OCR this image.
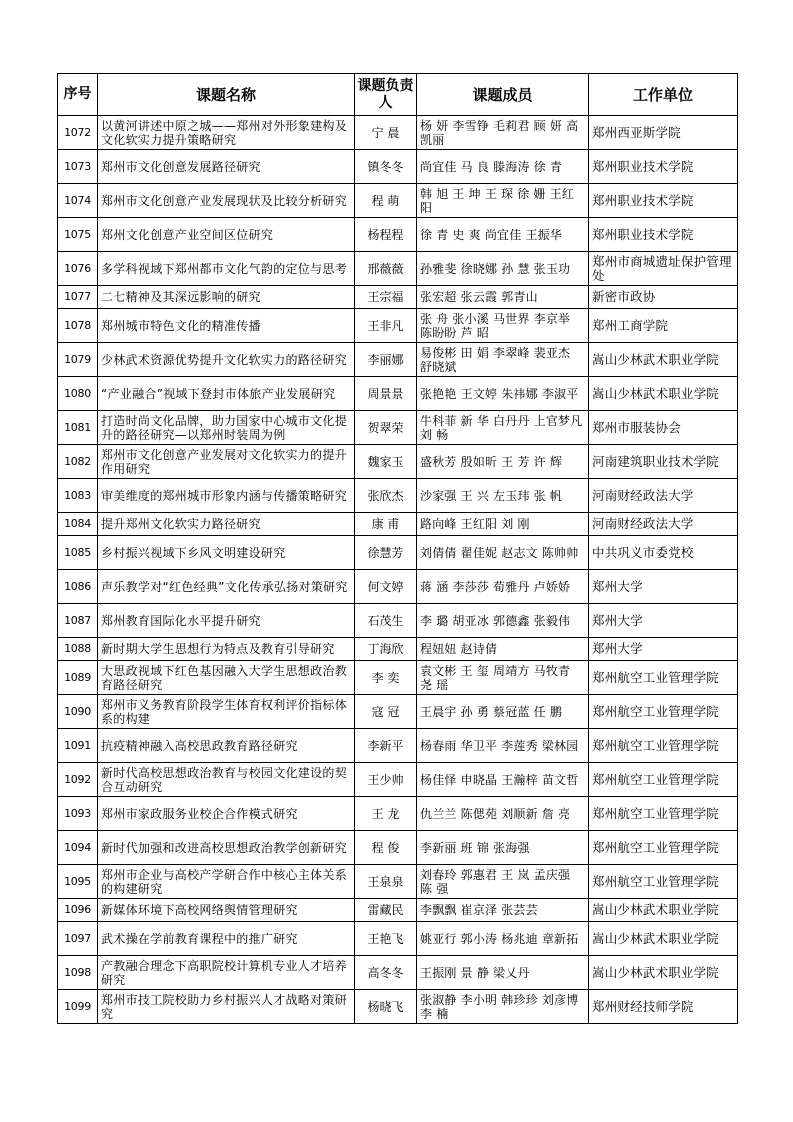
序号	课题名称	课题负责人	课题成员	工作单位
1072	以黄河讲述中原之城——郑州对外形象建构及文化软实力提升策略研究	宁 晨	杨 妍 李雪铮 毛莉君 顾 妍 高凯丽	郑州西亚斯学院
1073	郑州市文化创意发展路径研究	镇冬冬	尚宜佳 马 良 滕海涛 徐 青	郑州职业技术学院
1074	郑州市文化创意产业发展现状及比较分析研究	程 萌	韩 旭 王 坤 王 琛 徐 姗 王红阳	郑州职业技术学院
1075	郑州文化创意产业空间区位研究	杨程程	徐 青 史 爽 尚宜佳 王振华	郑州职业技术学院
1076	多学科视域下郑州都市文化气韵的定位与思考	邢薇薇	孙雅斐 徐晓娜 孙 慧 张玉功	郑州市商城遗址保护管理处
1077	二七精神及其深远影响的研究	王宗福	张宏超 张云霞 郭青山	新密市政协
1078	郑州城市特色文化的精准传播	王非凡	张 舟 张小溪 马世界 李京举 陈盼盼 芦 昭	郑州工商学院
1079	少林武术资源优势提升文化软实力的路径研究	李丽娜	易俊彬 田 娟 李翠峰 裴亚杰 舒晓斌	嵩山少林武术职业学院
1080	“产业融合”视域下登封市体旅产业发展研究	周景景	张艳艳 王文婷 朱祎娜 李淑平	嵩山少林武术职业学院
1081	打造时尚文化品牌，助力国家中心城市文化提升的路径研究—以郑州时装周为例	贺翠荣	牛科菲 新 华 白丹丹 上官梦凡 刘 畅	郑州市服装协会
1082	郑州市文化创意产业发展对文化软实力的提升作用研究	魏家玉	盛秋芳 殷如昕 王 芳 许 辉	河南建筑职业技术学院
1083	审美维度的郑州城市形象内涵与传播策略研究	张欣杰	沙家强 王 兴 左玉玮 张 帆	河南财经政法大学
1084	提升郑州文化软实力路径研究	康 甫	路向峰 王红阳 刘 刚	河南财经政法大学
1085	乡村振兴视域下乡风文明建设研究	徐慧芳	刘倩倩 翟佳妮 赵志文 陈帅帅	中共巩义市委党校
1086	声乐教学对“红色经典”文化传承弘扬对策研究	何文婷	蒋 涵 李莎莎 荀雅丹 卢娇娇	郑州大学
1087	郑州教育国际化水平提升研究	石茂生	李 璐 胡亚冰 郭德鑫 张毅伟	郑州大学
1088	新时期大学生思想行为特点及教育引导研究	丁海欣	程妞妞 赵诗倩	郑州大学
1089	大思政视域下红色基因融入大学生思想政治教育路径研究	李 奕	袁文彬 王 玺 周靖方 马牧青 尧 瑶	郑州航空工业管理学院
1090	郑州市义务教育阶段学生体育权利评价指标体系的构建	寇 冠	王晨宇 孙 勇 蔡冠蓝 任 鹏	郑州航空工业管理学院
1091	抗疫精神融入高校思政教育路径研究	李新平	杨春雨 华卫平 李莲秀 梁林园	郑州航空工业管理学院
1092	新时代高校思想政治教育与校园文化建设的契合互动研究	王少帅	杨佳怿 申晓晶 王瀚梓 苗文哲	郑州航空工业管理学院
1093	郑州市家政服务业校企合作模式研究	王 龙	仇兰兰 陈偲苑 刘顺新 詹 亮	郑州航空工业管理学院
1094	新时代加强和改进高校思想政治教学创新研究	程 俊	李新丽 班 锦 张海强	郑州航空工业管理学院
1095	郑州市企业与高校产学研合作中核心主体关系的构建研究	王泉泉	刘春玲 郭惠君 王 岚 孟庆强 陈 强	郑州航空工业管理学院
1096	新媒体环境下高校网络舆情管理研究	雷藏民	李飘飘 崔京泽 张芸芸	嵩山少林武术职业学院
1097	武术操在学前教育课程中的推广研究	王艳飞	姚亚行 郭小涛 杨兆迪 章新拓	嵩山少林武术职业学院
1098	产教融合理念下高职院校计算机专业人才培养研究	高冬冬	王振刚 景 静 梁乂丹	嵩山少林武术职业学院
1099	郑州市技工院校助力乡村振兴人才战略对策研究	杨晓飞	张淑静 李小明 韩珍珍 刘彦博 李 楠	郑州财经技师学院
